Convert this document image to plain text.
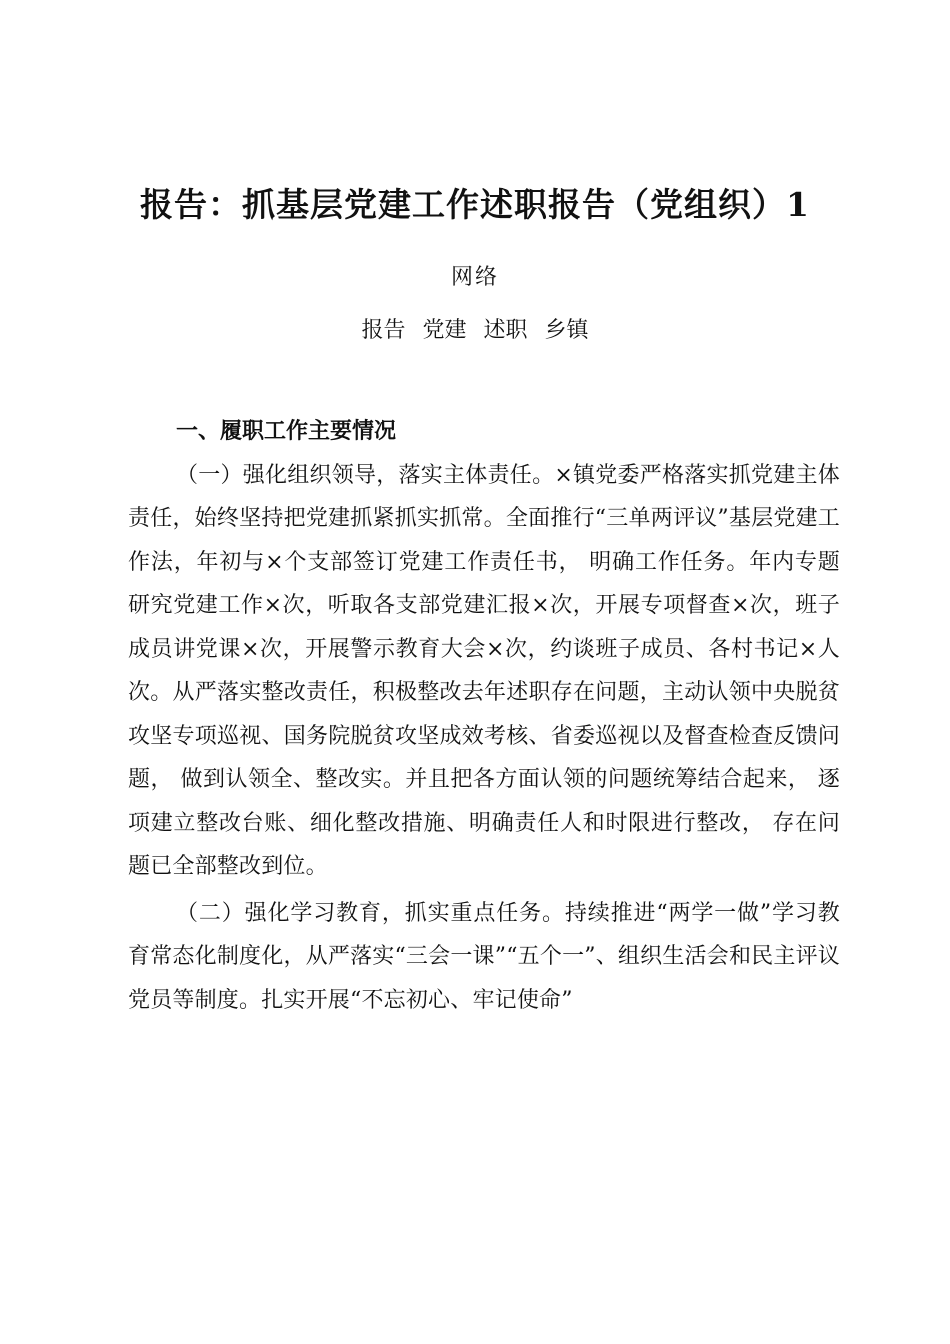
报告：抓基层党建工作述职报告（党组织）1
网络
报告 党建 述职 乡镇

一、履职工作主要情况

（一）强化组织领导，落实主体责任。×镇党委严格落实抓党建主体责任，始终坚持把党建抓紧抓实抓常。全面推行“三单两评议”基层党建工作法，年初与×个支部签订党建工作责任书， 明确工作任务。年内专题研究党建工作×次，听取各支部党建汇报×次，开展专项督查×次，班子成员讲党课×次，开展警示教育大会×次，约谈班子成员、各村书记×人次。从严落实整改责任，积极整改去年述职存在问题，主动认领中央脱贫攻坚专项巡视、国务院脱贫攻坚成效考核、省委巡视以及督查检查反馈问题， 做到认领全、整改实。并且把各方面认领的问题统筹结合起来， 逐项建立整改台账、细化整改措施、明确责任人和时限进行整改， 存在问题已全部整改到位。

（二）强化学习教育，抓实重点任务。持续推进“两学一做”学习教育常态化制度化，从严落实“三会一课”“五个一”、组织生活会和民主评议党员等制度。扎实开展“不忘初心、牢记使命”
